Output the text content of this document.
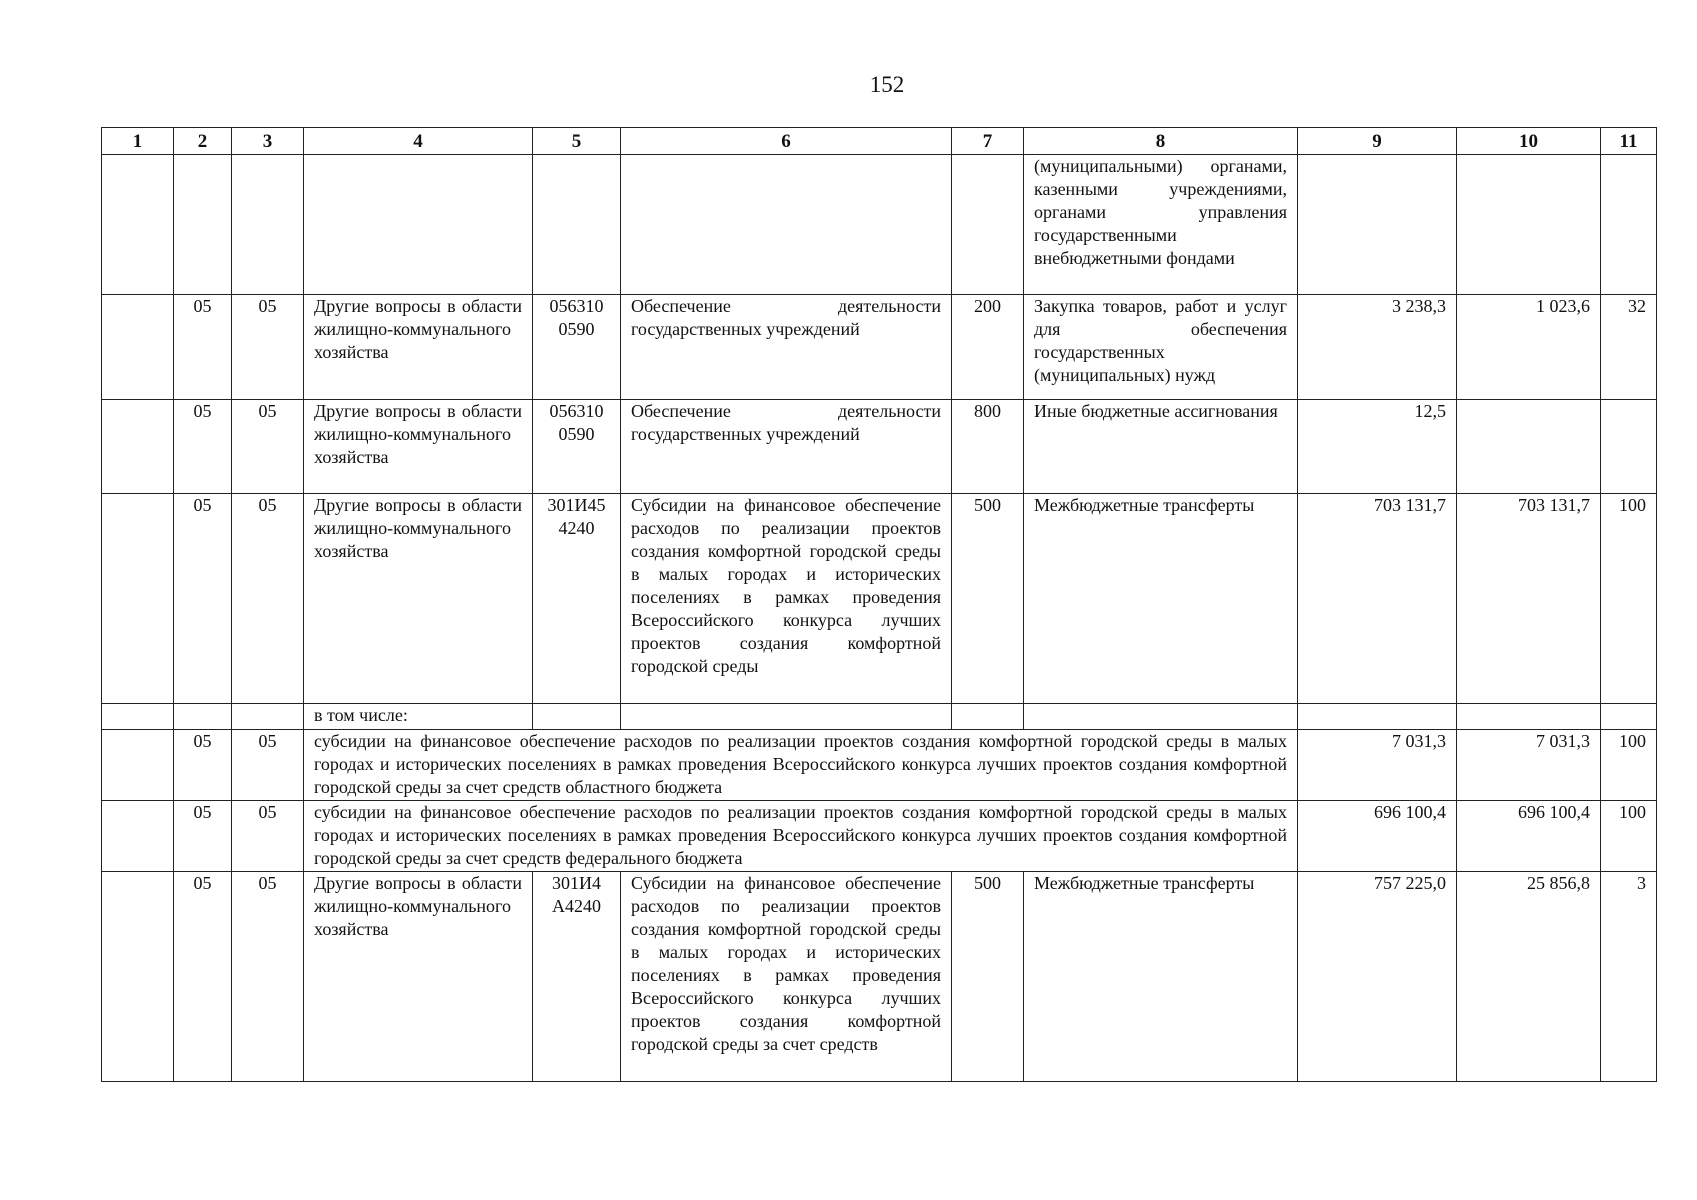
152
1	2	3	4	5	6	7	8	9	10	11
							(муниципальными) органами, казенными учреждениями, органами управления государственными внебюджетными фондами			
	05	05	Другие вопросы в области жилищно-коммунального хозяйства	056310 0590	Обеспечение деятельности государственных учреждений	200	Закупка товаров, работ и услуг для обеспечения государственных (муниципальных) нужд	3 238,3	1 023,6	32
	05	05	Другие вопросы в области жилищно-коммунального хозяйства	056310 0590	Обеспечение деятельности государственных учреждений	800	Иные бюджетные ассигнования	12,5		
	05	05	Другие вопросы в области жилищно-коммунального хозяйства	301И45 4240	Субсидии на финансовое обеспечение расходов по реализации проектов создания комфортной городской среды в малых городах и исторических поселениях в рамках проведения Всероссийского конкурса лучших проектов создания комфортной городской среды	500	Межбюджетные трансферты	703 131,7	703 131,7	100
			в том числе:							
	05	05	субсидии на финансовое обеспечение расходов по реализации проектов создания комфортной городской среды в малых городах и исторических поселениях в рамках проведения Всероссийского конкурса лучших проектов создания комфортной городской среды за счет средств областного бюджета					7 031,3	7 031,3	100
	05	05	субсидии на финансовое обеспечение расходов по реализации проектов создания комфортной городской среды в малых городах и исторических поселениях в рамках проведения Всероссийского конкурса лучших проектов создания комфортной городской среды за счет средств федерального бюджета					696 100,4	696 100,4	100
	05	05	Другие вопросы в области жилищно-коммунального хозяйства	301И4 А4240	Субсидии на финансовое обеспечение расходов по реализации проектов создания комфортной городской среды в малых городах и исторических поселениях в рамках проведения Всероссийского конкурса лучших проектов создания комфортной городской среды за счет средств	500	Межбюджетные трансферты	757 225,0	25 856,8	3
